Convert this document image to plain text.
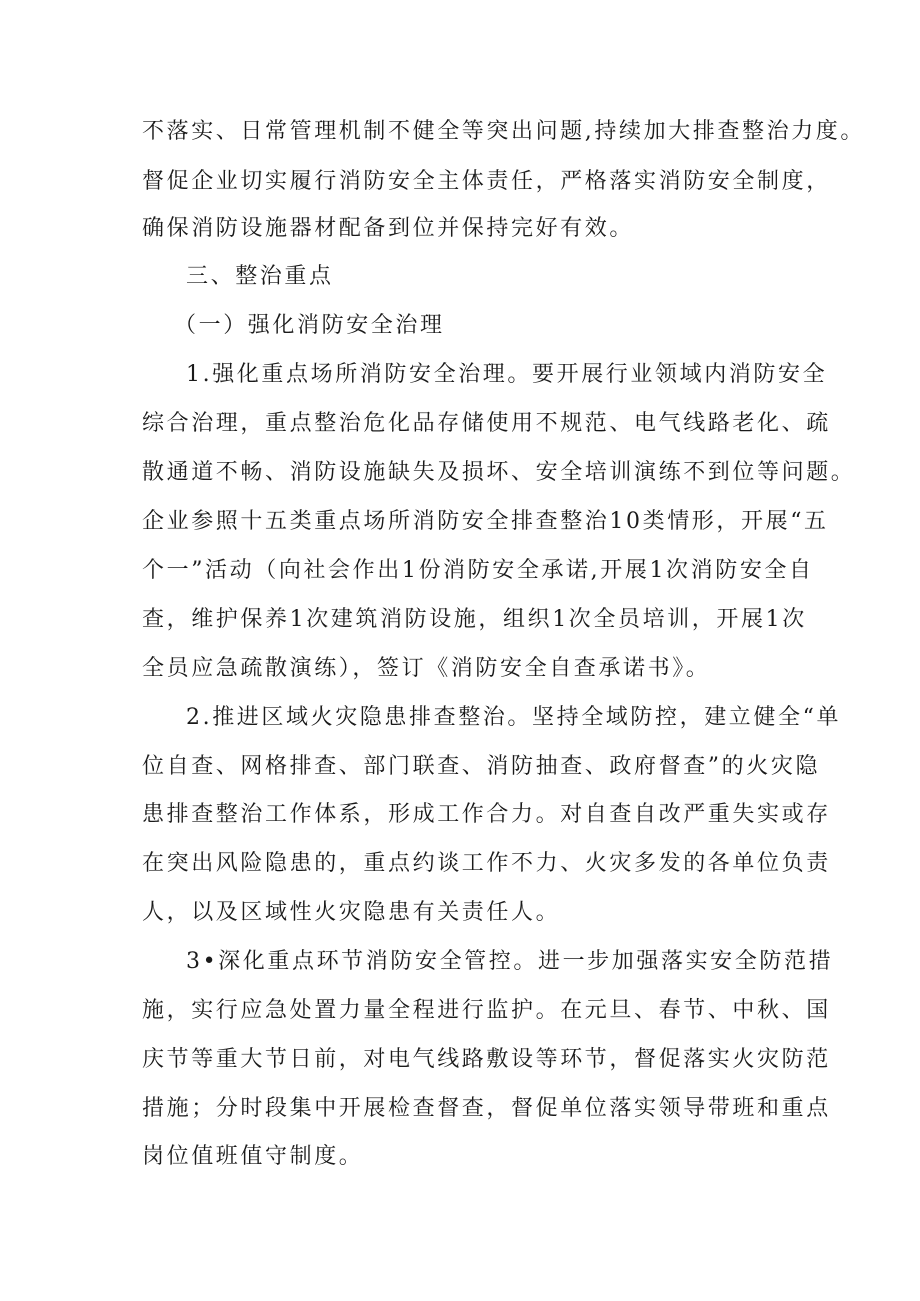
不落实、日常管理机制不健全等突出问题,持续加大排查整治力度。
督促企业切实履行消防安全主体责任，严格落实消防安全制度，
确保消防设施器材配备到位并保持完好有效。
三、整治重点
（一）强化消防安全治理
1.强化重点场所消防安全治理。要开展行业领域内消防安全
综合治理，重点整治危化品存储使用不规范、电气线路老化、疏
散通道不畅、消防设施缺失及损坏、安全培训演练不到位等问题。
企业参照十五类重点场所消防安全排查整治10类情形，开展“五
个一”活动（向社会作出1份消防安全承诺,开展1次消防安全自
查，维护保养1次建筑消防设施，组织1次全员培训，开展1次
全员应急疏散演练），签订《消防安全自查承诺书》。
2.推进区域火灾隐患排查整治。坚持全域防控，建立健全“单
位自查、网格排查、部门联查、消防抽查、政府督查”的火灾隐
患排查整治工作体系，形成工作合力。对自查自改严重失实或存
在突出风险隐患的，重点约谈工作不力、火灾多发的各单位负责
人，以及区域性火灾隐患有关责任人。
3•深化重点环节消防安全管控。进一步加强落实安全防范措
施，实行应急处置力量全程进行监护。在元旦、春节、中秋、国
庆节等重大节日前，对电气线路敷设等环节，督促落实火灾防范
措施；分时段集中开展检查督查，督促单位落实领导带班和重点
岗位值班值守制度。
